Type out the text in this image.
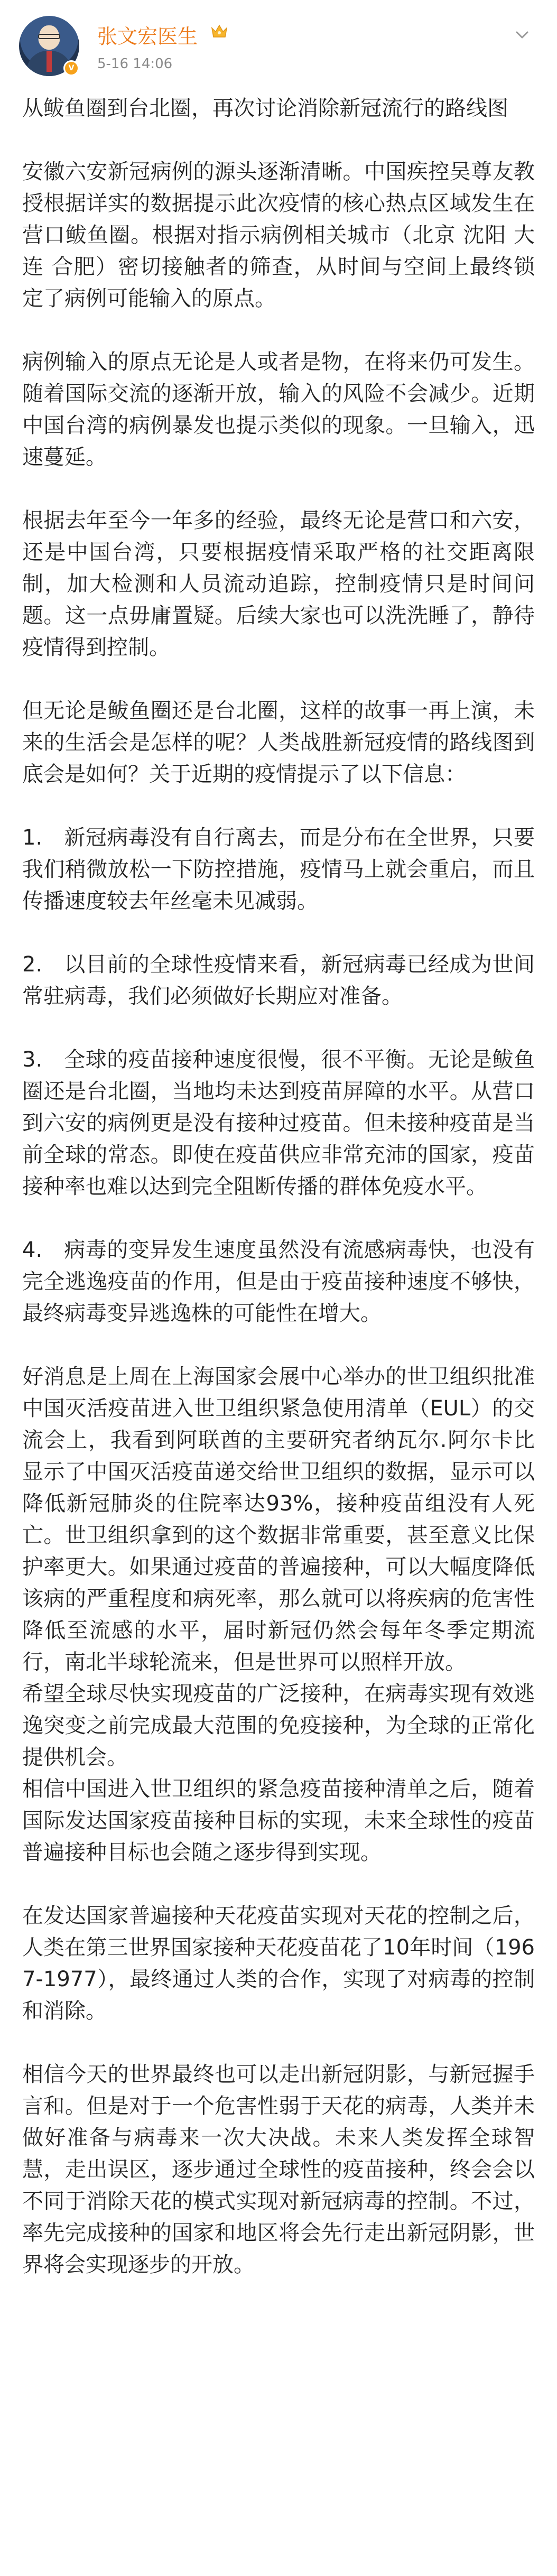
V
张文宏医生
5-16 14:06

从鲅鱼圈到台北圈，再次讨论消除新冠流行的路线图

安徽六安新冠病例的源头逐渐清晰。中国疾控吴尊友教授根据详实的数据提示此次疫情的核心热点区域发生在营口鲅鱼圈。根据对指示病例相关城市（北京 沈阳 大连 合肥）密切接触者的筛查，从时间与空间上最终锁定了病例可能输入的原点。

病例输入的原点无论是人或者是物，在将来仍可发生。随着国际交流的逐渐开放，输入的风险不会减少。近期中国台湾的病例暴发也提示类似的现象。一旦输入，迅速蔓延。

根据去年至今一年多的经验，最终无论是营口和六安，还是中国台湾，只要根据疫情采取严格的社交距离限制，加大检测和人员流动追踪，控制疫情只是时间问题。这一点毋庸置疑。后续大家也可以洗洗睡了，静待疫情得到控制。

但无论是鲅鱼圈还是台北圈，这样的故事一再上演，未来的生活会是怎样的呢？人类战胜新冠疫情的路线图到底会是如何？关于近期的疫情提示了以下信息：

1.　新冠病毒没有自行离去，而是分布在全世界，只要我们稍微放松一下防控措施，疫情马上就会重启，而且传播速度较去年丝毫未见减弱。

2.　以目前的全球性疫情来看，新冠病毒已经成为世间常驻病毒，我们必须做好长期应对准备。

3.　全球的疫苗接种速度很慢，很不平衡。无论是鲅鱼圈还是台北圈，当地均未达到疫苗屏障的水平。从营口到六安的病例更是没有接种过疫苗。但未接种疫苗是当前全球的常态。即使在疫苗供应非常充沛的国家，疫苗接种率也难以达到完全阻断传播的群体免疫水平。

4.　病毒的变异发生速度虽然没有流感病毒快，也没有完全逃逸疫苗的作用，但是由于疫苗接种速度不够快，最终病毒变异逃逸株的可能性在增大。

好消息是上周在上海国家会展中心举办的世卫组织批准中国灭活疫苗进入世卫组织紧急使用清单（EUL）的交流会上，我看到阿联酋的主要研究者纳瓦尔.阿尔卡比显示了中国灭活疫苗递交给世卫组织的数据，显示可以降低新冠肺炎的住院率达93%，接种疫苗组没有人死亡。世卫组织拿到的这个数据非常重要，甚至意义比保护率更大。如果通过疫苗的普遍接种，可以大幅度降低该病的严重程度和病死率，那么就可以将疾病的危害性降低至流感的水平，届时新冠仍然会每年冬季定期流行，南北半球轮流来，但是世界可以照样开放。

希望全球尽快实现疫苗的广泛接种，在病毒实现有效逃逸突变之前完成最大范围的免疫接种，为全球的正常化提供机会。

相信中国进入世卫组织的紧急疫苗接种清单之后，随着国际发达国家疫苗接种目标的实现，未来全球性的疫苗普遍接种目标也会随之逐步得到实现。

在发达国家普遍接种天花疫苗实现对天花的控制之后，人类在第三世界国家接种天花疫苗花了10年时间（1967-1977），最终通过人类的合作，实现了对病毒的控制和消除。

相信今天的世界最终也可以走出新冠阴影，与新冠握手言和。但是对于一个危害性弱于天花的病毒，人类并未做好准备与病毒来一次大决战。未来人类发挥全球智慧，走出误区，逐步通过全球性的疫苗接种，终会会以不同于消除天花的模式实现对新冠病毒的控制。不过，率先完成接种的国家和地区将会先行走出新冠阴影，世界将会实现逐步的开放。
